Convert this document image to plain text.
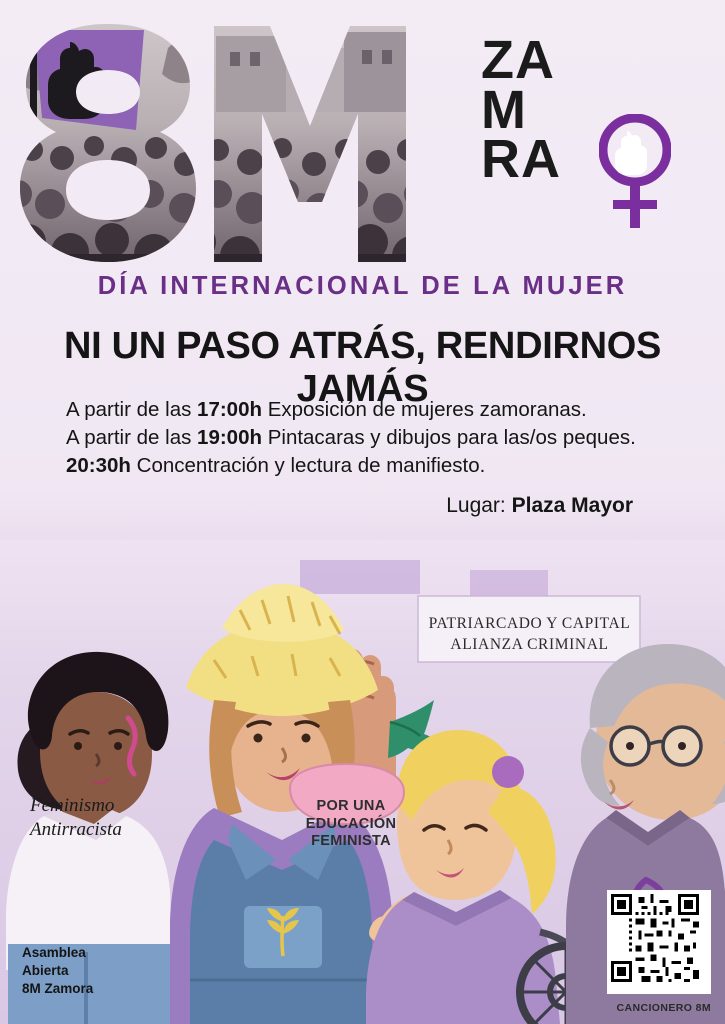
ZA
M
RA
DÍA INTERNACIONAL DE LA MUJER
NI UN PASO ATRÁS, RENDIRNOS JAMÁS
A partir de las 17:00h Exposición de mujeres zamoranas.
A partir de las 19:00h Pintacaras y dibujos para las/os peques.
20:30h Concentración y lectura de manifiesto.
Lugar: Plaza Mayor
PATRIARCADO Y CAPITAL
ALIANZA CRIMINAL
Feminismo
Antirracista
POR UNA
EDUCACIÓN
FEMINISTA
Asamblea
Abierta
8M Zamora
CANCIONERO 8M
